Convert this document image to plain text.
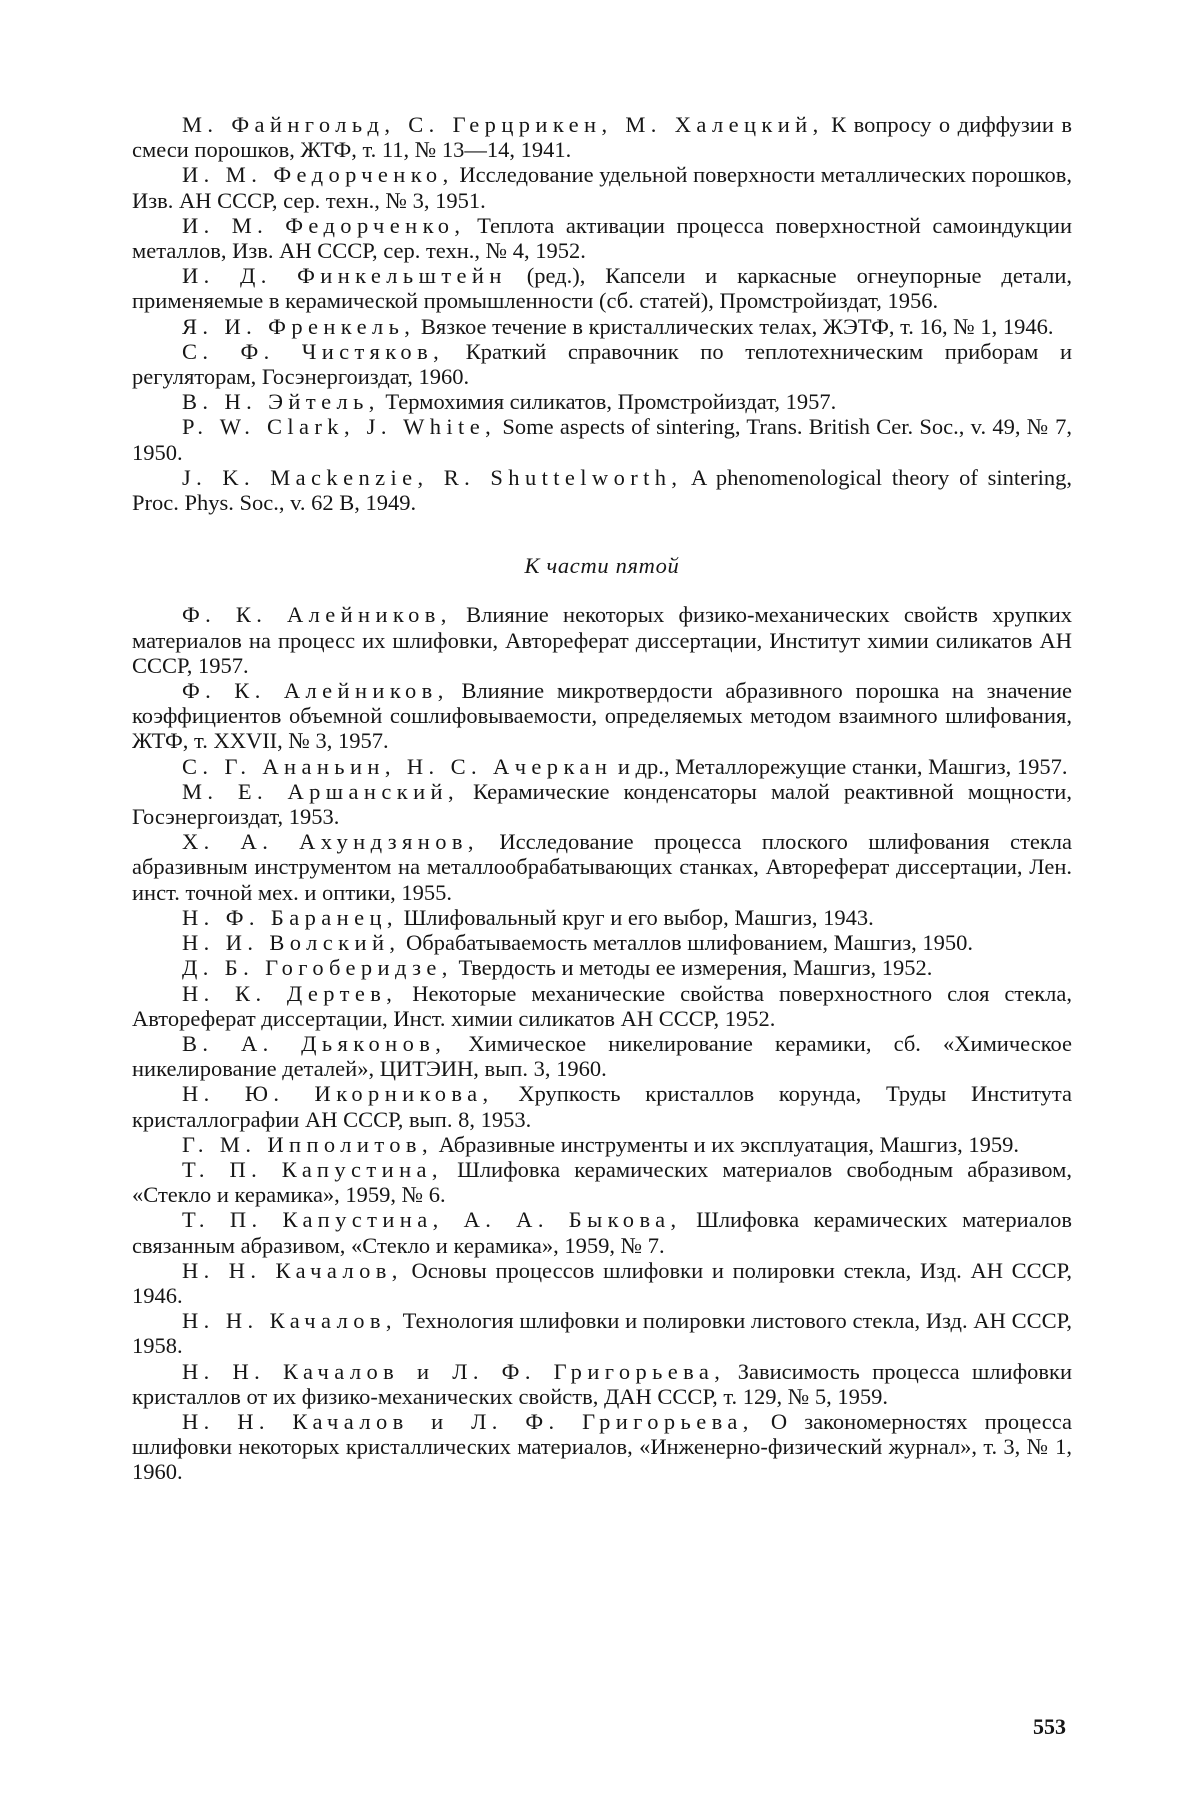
М. Файнгольд, С. Герцрикен, М. Халецкий, К вопросу о диффузии в смеси порошков, ЖТФ, т. 11, № 13—14, 1941.

И. М. Федорченко, Исследование удельной поверхности металлических порошков, Изв. АН СССР, сер. техн., № 3, 1951.

И. М. Федорченко, Теплота активации процесса поверхностной самоиндукции металлов, Изв. АН СССР, сер. техн., № 4, 1952.

И. Д. Финкельштейн (ред.), Капсели и каркасные огнеупорные детали, применяемые в керамической промышленности (сб. статей), Промстройиздат, 1956.

Я. И. Френкель, Вязкое течение в кристаллических телах, ЖЭТФ, т. 16, № 1, 1946.

С. Ф. Чистяков, Краткий справочник по теплотехническим приборам и регуляторам, Госэнергоиздат, 1960.

В. Н. Эйтель, Термохимия силикатов, Промстройиздат, 1957.

P. W. Clark, J. White, Some aspects of sintering, Trans. British Cer. Soc., v. 49, № 7, 1950.

J. K. Mackenzie, R. Shuttelworth, A phenomenological theory of sintering, Proc. Phys. Soc., v. 62 B, 1949.

К части пятой

Ф. К. Алейников, Влияние некоторых физико-механических свойств хрупких материалов на процесс их шлифовки, Автореферат диссертации, Институт химии силикатов АН СССР, 1957.

Ф. К. Алейников, Влияние микротвердости абразивного порошка на значение коэффициентов объемной сошлифовываемости, определяемых методом взаимного шлифования, ЖТФ, т. XXVII, № 3, 1957.

С. Г. Ананьин, Н. С. Ачеркан и др., Металлорежущие станки, Машгиз, 1957.

М. Е. Аршанский, Керамические конденсаторы малой реактивной мощности, Госэнергоиздат, 1953.

Х. А. Ахундзянов, Исследование процесса плоского шлифования стекла абразивным инструментом на металлообрабатывающих станках, Автореферат диссертации, Лен. инст. точной мех. и оптики, 1955.

Н. Ф. Баранец, Шлифовальный круг и его выбор, Машгиз, 1943.

Н. И. Волский, Обрабатываемость металлов шлифованием, Машгиз, 1950.

Д. Б. Гогоберидзе, Твердость и методы ее измерения, Машгиз, 1952.

Н. К. Дертев, Некоторые механические свойства поверхностного слоя стекла, Автореферат диссертации, Инст. химии силикатов АН СССР, 1952.

В. А. Дьяконов, Химическое никелирование керамики, сб. «Химическое никелирование деталей», ЦИТЭИН, вып. 3, 1960.

Н. Ю. Икорникова, Хрупкость кристаллов корунда, Труды Института кристаллографии АН СССР, вып. 8, 1953.

Г. М. Ипполитов, Абразивные инструменты и их эксплуатация, Машгиз, 1959.

Т. П. Капустина, Шлифовка керамических материалов свободным абразивом, «Стекло и керамика», 1959, № 6.

Т. П. Капустина, А. А. Быкова, Шлифовка керамических материалов связанным абразивом, «Стекло и керамика», 1959, № 7.

Н. Н. Качалов, Основы процессов шлифовки и полировки стекла, Изд. АН СССР, 1946.

Н. Н. Качалов, Технология шлифовки и полировки листового стекла, Изд. АН СССР, 1958.

Н. Н. Качалов и Л. Ф. Григорьева, Зависимость процесса шлифовки кристаллов от их физико-механических свойств, ДАН СССР, т. 129, № 5, 1959.

Н. Н. Качалов и Л. Ф. Григорьева, О закономерностях процесса шлифовки некоторых кристаллических материалов, «Инженерно-физический журнал», т. 3, № 1, 1960.

553
